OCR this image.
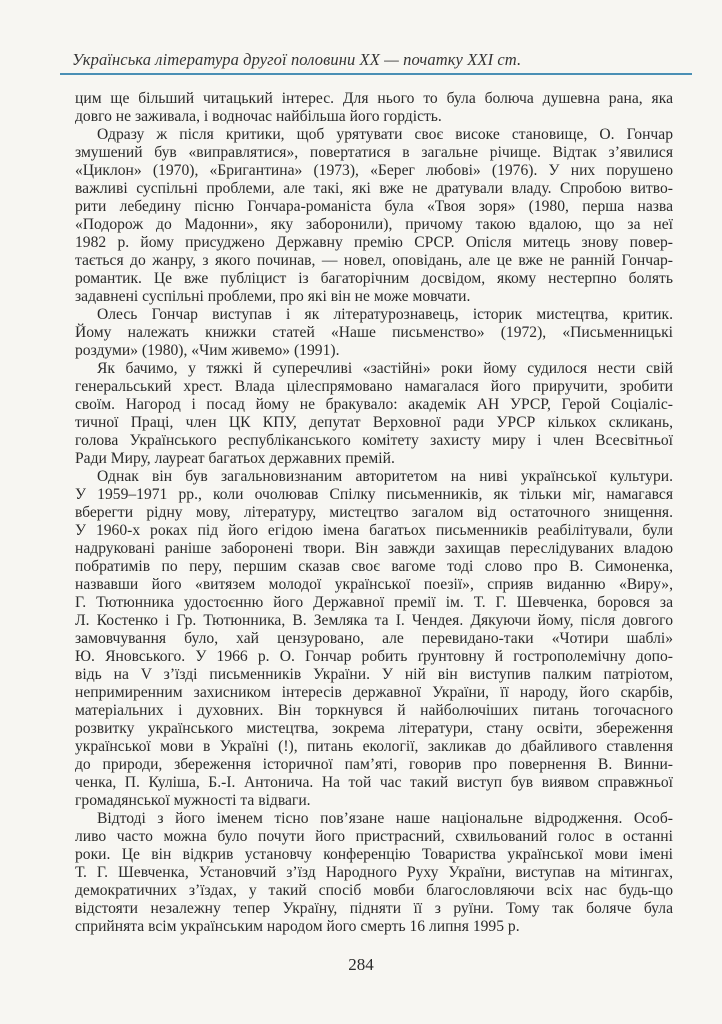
Українська література другої половини XX — початку XXI ст.
цим ще більший читацький інтерес. Для нього то була болюча душевна рана, яка
довго не заживала, і водночас найбільша його гордість.
Одразу ж після критики, щоб урятувати своє високе становище, О. Гончар
змушений був «виправлятися», повертатися в загальне річище. Відтак з’явилися
«Циклон» (1970), «Бригантина» (1973), «Берег любові» (1976). У них порушено
важливі суспільні проблеми, але такі, які вже не дратували владу. Спробою витво-
рити лебедину пісню Гончара-романіста була «Твоя зоря» (1980, перша назва
«Подорож до Мадонни», яку заборонили), причому такою вдалою, що за неї
1982 р. йому присуджено Державну премію СРСР. Опісля митець знову повер-
тається до жанру, з якого починав, — новел, оповідань, але це вже не ранній Гончар-
романтик. Це вже публіцист із багаторічним досвідом, якому нестерпно болять
задавнені суспільні проблеми, про які він не може мовчати.
Олесь Гончар виступав і як літературознавець, історик мистецтва, критик.
Йому належать книжки статей «Наше письменство» (1972), «Письменницькі
роздуми» (1980), «Чим живемо» (1991).
Як бачимо, у тяжкі й суперечливі «застійні» роки йому судилося нести свій
генеральський хрест. Влада цілеспрямовано намагалася його приручити, зробити
своїм. Нагород і посад йому не бракувало: академік АН УРСР, Герой Соціаліс-
тичної Праці, член ЦК КПУ, депутат Верховної ради УРСР кількох скликань,
голова Українського республіканського комітету захисту миру і член Всесвітньої
Ради Миру, лауреат багатьох державних премій.
Однак він був загальновизнаним авторитетом на ниві української культури.
У 1959–1971 рр., коли очолював Спілку письменників, як тільки міг, намагався
вберегти рідну мову, літературу, мистецтво загалом від остаточного знищення.
У 1960-х роках під його егідою імена багатьох письменників реабілітували, були
надруковані раніше заборонені твори. Він завжди захищав переслідуваних владою
побратимів по перу, першим сказав своє вагоме тоді слово про В. Симоненка,
назвавши його «витязем молодої української поезії», сприяв виданню «Виру»,
Г. Тютюнника удостоєнню його Державної премії ім. Т. Г. Шевченка, боровся за
Л. Костенко і Гр. Тютюнника, В. Земляка та І. Чендея. Дякуючи йому, після довгого
замовчування було, хай цензуровано, але перевидано-таки «Чотири шаблі»
Ю. Яновського. У 1966 р. О. Гончар робить ґрунтовну й гострополемічну допо-
відь на V з’їзді письменників України. У ній він виступив палким патріотом,
непримиренним захисником інтересів державної України, її народу, його скарбів,
матеріальних і духовних. Він торкнувся й найболючіших питань тогочасного
розвитку українського мистецтва, зокрема літератури, стану освіти, збереження
української мови в Україні (!), питань екології, закликав до дбайливого ставлення
до природи, збереження історичної пам’яті, говорив про повернення В. Винни-
ченка, П. Куліша, Б.-І. Антонича. На той час такий виступ був виявом справжньої
громадянської мужності та відваги.
Відтоді з його іменем тісно пов’язане наше національне відродження. Особ-
ливо часто можна було почути його пристрасний, схвильований голос в останні
роки. Це він відкрив установчу конференцію Товариства української мови імені
Т. Г. Шевченка, Установчий з’їзд Народного Руху України, виступав на мітингах,
демократичних з’їздах, у такий спосіб мовби благословляючи всіх нас будь-що
відстояти незалежну тепер Україну, підняти її з руїни. Тому так боляче була
сприйнята всім українським народом його смерть 16 липня 1995 р.
284
